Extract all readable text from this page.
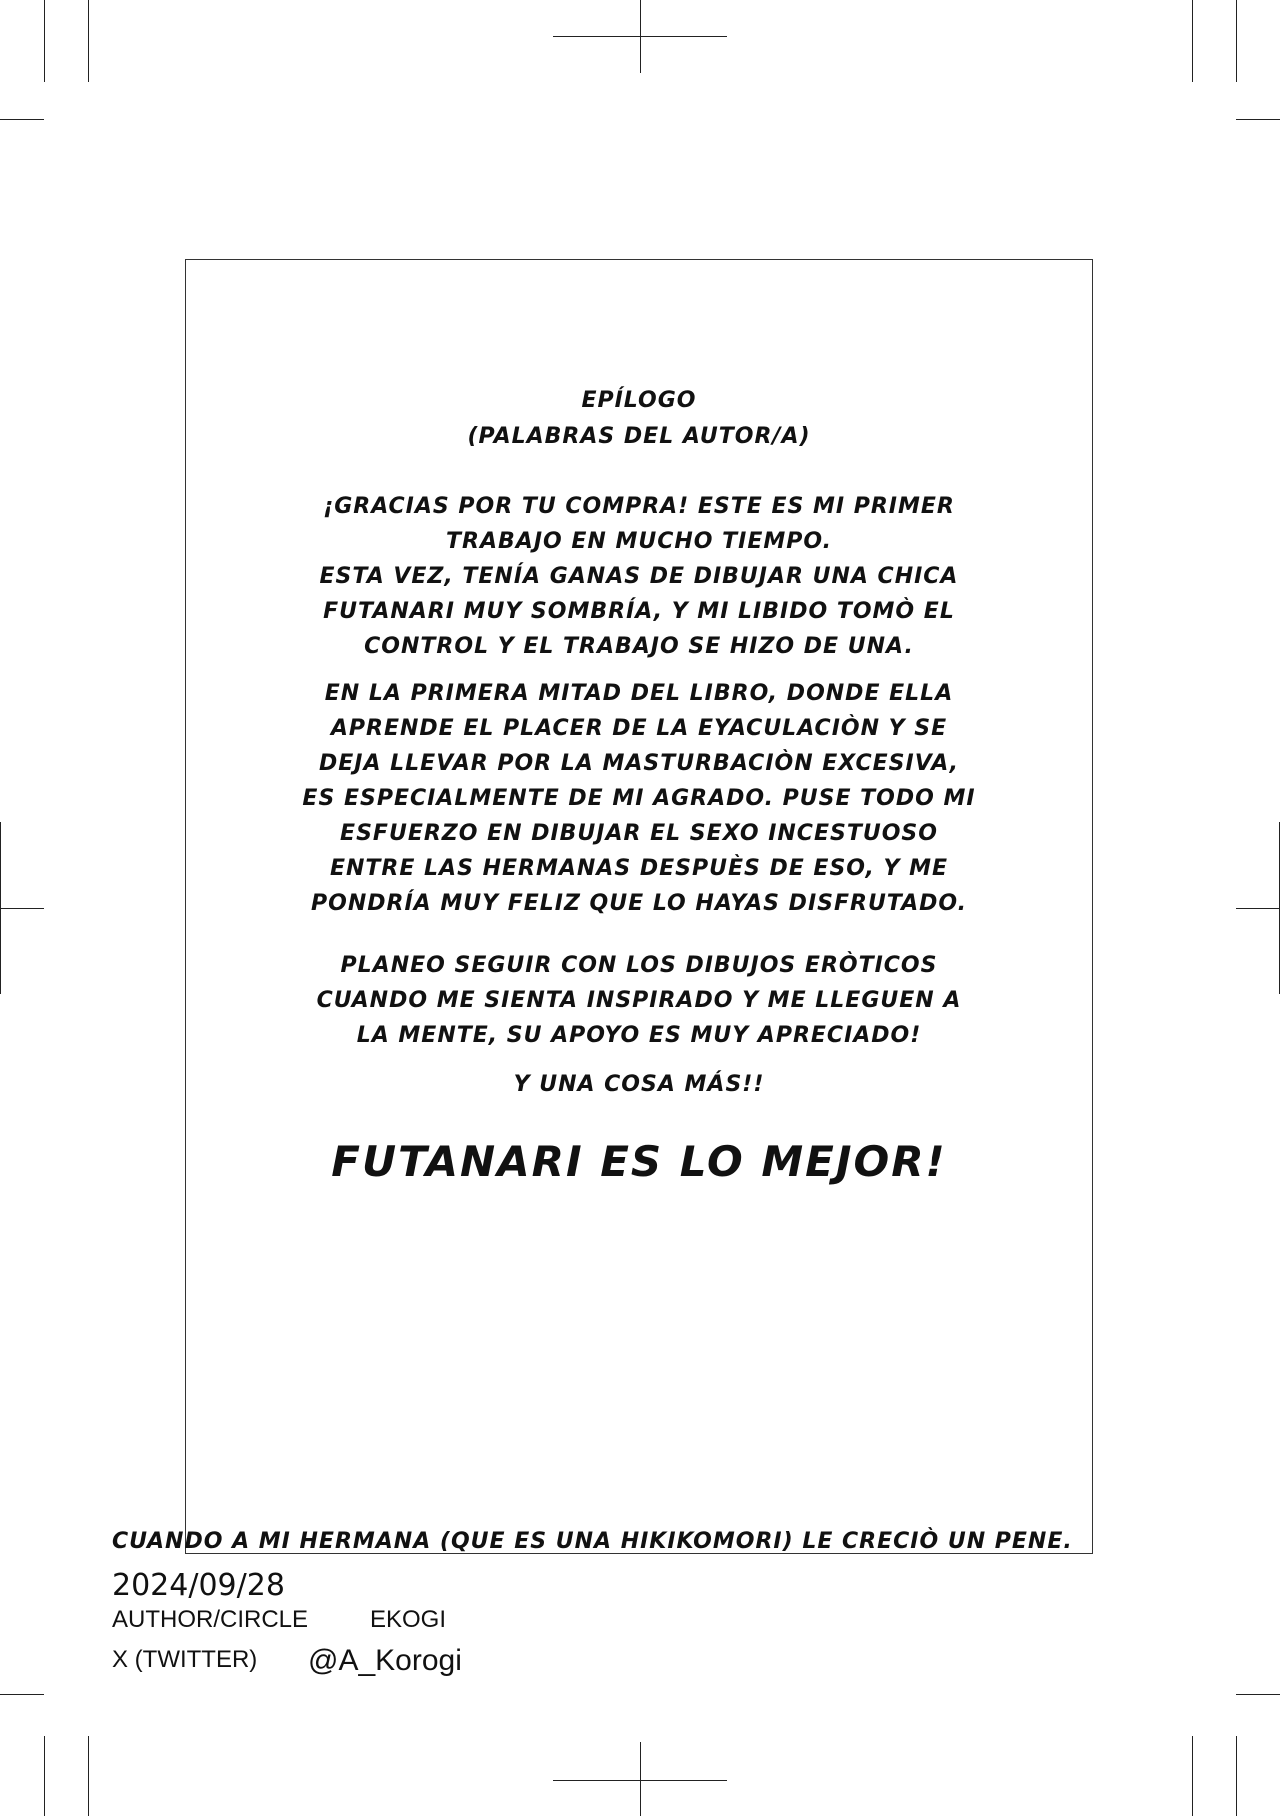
EPÍLOGO
(PALABRAS DEL AUTOR/A)
¡GRACIAS POR TU COMPRA! ESTE ES MI PRIMER
TRABAJO EN MUCHO TIEMPO.
ESTA VEZ, TENÍA GANAS DE DIBUJAR UNA CHICA
FUTANARI MUY SOMBRÍA, Y MI LIBIDO TOMÒ EL
CONTROL Y EL TRABAJO SE HIZO DE UNA.
EN LA PRIMERA MITAD DEL LIBRO, DONDE ELLA
APRENDE EL PLACER DE LA EYACULACIÒN Y SE
DEJA LLEVAR POR LA MASTURBACIÒN EXCESIVA,
ES ESPECIALMENTE DE MI AGRADO. PUSE TODO MI
ESFUERZO EN DIBUJAR EL SEXO INCESTUOSO
ENTRE LAS HERMANAS DESPUÈS DE ESO, Y ME
PONDRÍA MUY FELIZ QUE LO HAYAS DISFRUTADO.
PLANEO SEGUIR CON LOS DIBUJOS ERÒTICOS
CUANDO ME SIENTA INSPIRADO Y ME LLEGUEN A
LA MENTE, SU APOYO ES MUY APRECIADO!
Y UNA COSA MÁS!!
FUTANARI ES LO MEJOR!
CUANDO A MI HERMANA (QUE ES UNA HIKIKOMORI) LE CRECIÒ UN PENE.
2024/09/28
AUTHOR/CIRCLE	EKOGI
X (TWITTER) @A_Korogi
